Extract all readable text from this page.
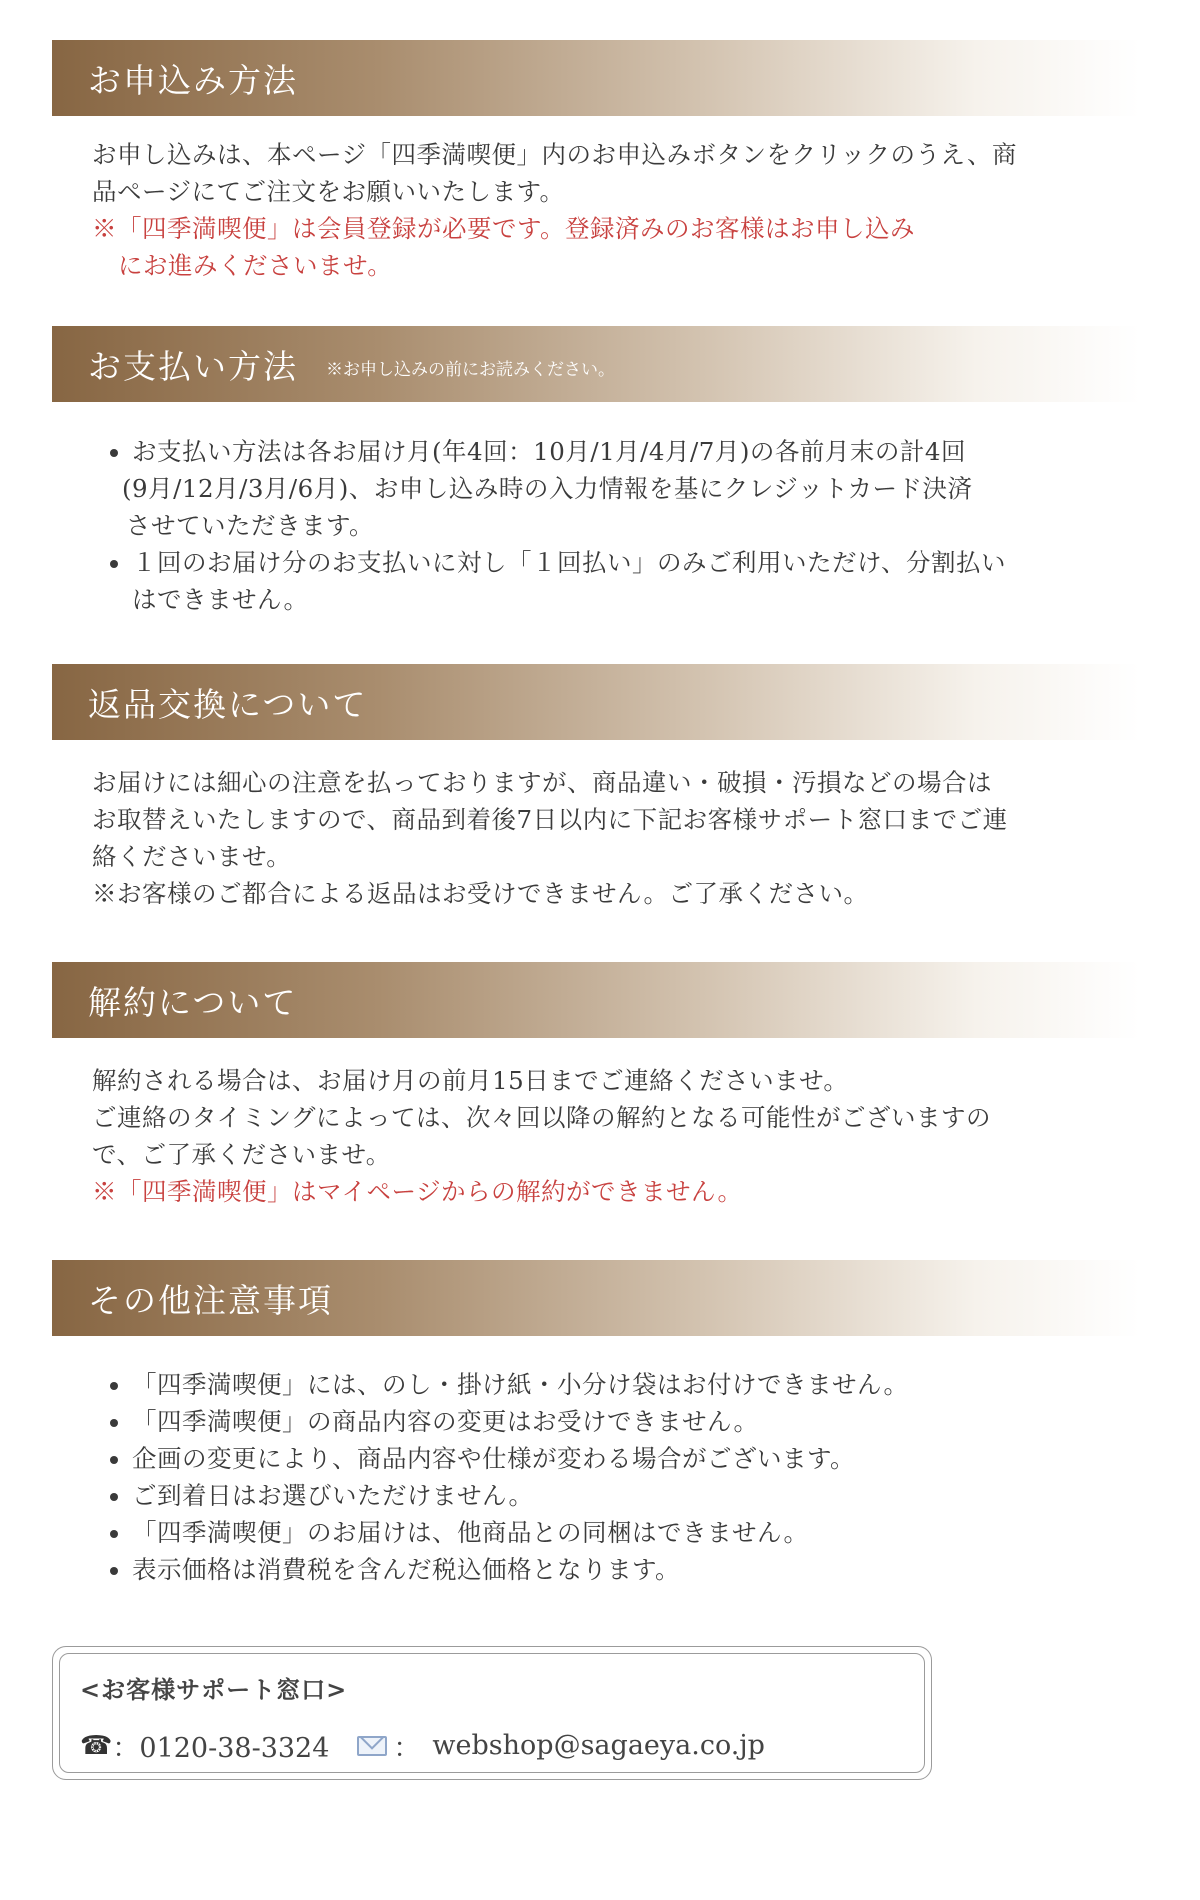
お申込み方法

お申し込みは、本ページ「四季満喫便」内のお申込みボタンをクリックのうえ、商

品ページにてご注文をお願いいたします。

※「四季満喫便」は会員登録が必要です。登録済みのお客様はお申し込み

にお進みくださいませ。

お支払い方法 ※お申し込みの前にお読みください。
• お支払い方法は各お届け月(年4回：10月/1月/4月/7月)の各前月末の計4回
(9月/12月/3月/6月)、お申し込み時の入力情報を基にクレジットカード決済
させていただきます。
• １回のお届け分のお支払いに対し「１回払い」のみご利用いただけ、分割払い
はできません。
返品交換について

お届けには細心の注意を払っておりますが、商品違い・破損・汚損などの場合は

お取替えいたしますので、商品到着後7日以内に下記お客様サポート窓口までご連

絡くださいませ。

※お客様のご都合による返品はお受けできません。ご了承ください。

解約について

解約される場合は、お届け月の前月15日までご連絡くださいませ。

ご連絡のタイミングによっては、次々回以降の解約となる可能性がございますの

で、ご了承くださいませ。

※「四季満喫便」はマイページからの解約ができません。

その他注意事項
• 「四季満喫便」には、のし・掛け紙・小分け袋はお付けできません。
• 「四季満喫便」の商品内容の変更はお受けできません。
• 企画の変更により、商品内容や仕様が変わる場合がございます。
• ご到着日はお選びいただけません。
• 「四季満喫便」のお届けは、他商品との同梱はできません。
• 表示価格は消費税を含んだ税込価格となります。
<お客様サポート窓口>
☎ ：0120-38-3324 ： webshop@sagaeya.co.jp
